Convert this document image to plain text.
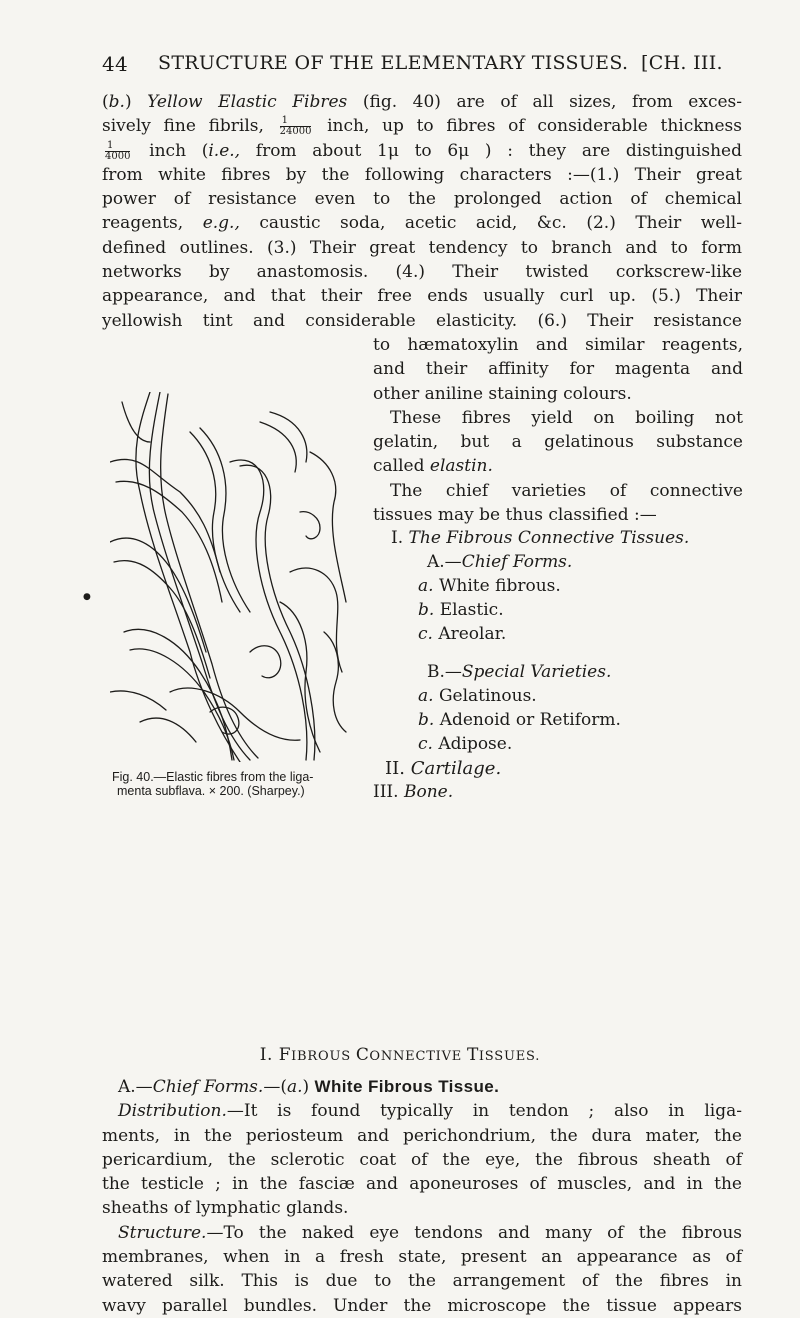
44 STRUCTURE OF THE ELEMENTARY TISSUES. [CH. III.
(b.) Yellow Elastic Fibres (fig. 40) are of all sizes, from exces-
sively fine fibrils, $\frac{1}{24000}$ inch, up to fibres of considerable thickness
$\frac{1}{4000}$ inch (i.e., from about 1μ to 6μ ) : they are distinguished
from white fibres by the following characters :—(1.) Their great
power of resistance even to the prolonged action of chemical
reagents, e.g., caustic soda, acetic acid, &c. (2.) Their well-
defined outlines. (3.) Their great tendency to branch and to form
networks by anastomosis. (4.) Their twisted corkscrew-like
appearance, and that their free ends usually curl up. (5.) Their
yellowish tint and considerable elasticity. (6.) Their resistance
●
to hæmatoxylin and similar reagents,
and their affinity for magenta and
other aniline staining colours.
These fibres yield on boiling not
gelatin, but a gelatinous substance
called elastin.
The chief varieties of connective
tissues may be thus classified :—
I. The Fibrous Connective Tissues.
A.—Chief Forms.
a. White fibrous.
b. Elastic.
c. Areolar.
B.—Special Varieties.
a. Gelatinous.
b. Adenoid or Retiform.
c. Adipose.
II. Cartilage.
III. Bone.
Fig. 40.—Elastic fibres from the liga-
menta subflava. × 200. (Sharpey.)
I. FIBROUS CONNECTIVE TISSUES.
A.—Chief Forms.—(a.) White Fibrous Tissue.
Distribution.—It is found typically in tendon ; also in liga-
ments, in the periosteum and perichondrium, the dura mater, the
pericardium, the sclerotic coat of the eye, the fibrous sheath of
the testicle ; in the fasciæ and aponeuroses of muscles, and in the
sheaths of lymphatic glands.
Structure.—To the naked eye tendons and many of the fibrous
membranes, when in a fresh state, present an appearance as of
watered silk. This is due to the arrangement of the fibres in
wavy parallel bundles. Under the microscope the tissue appears
